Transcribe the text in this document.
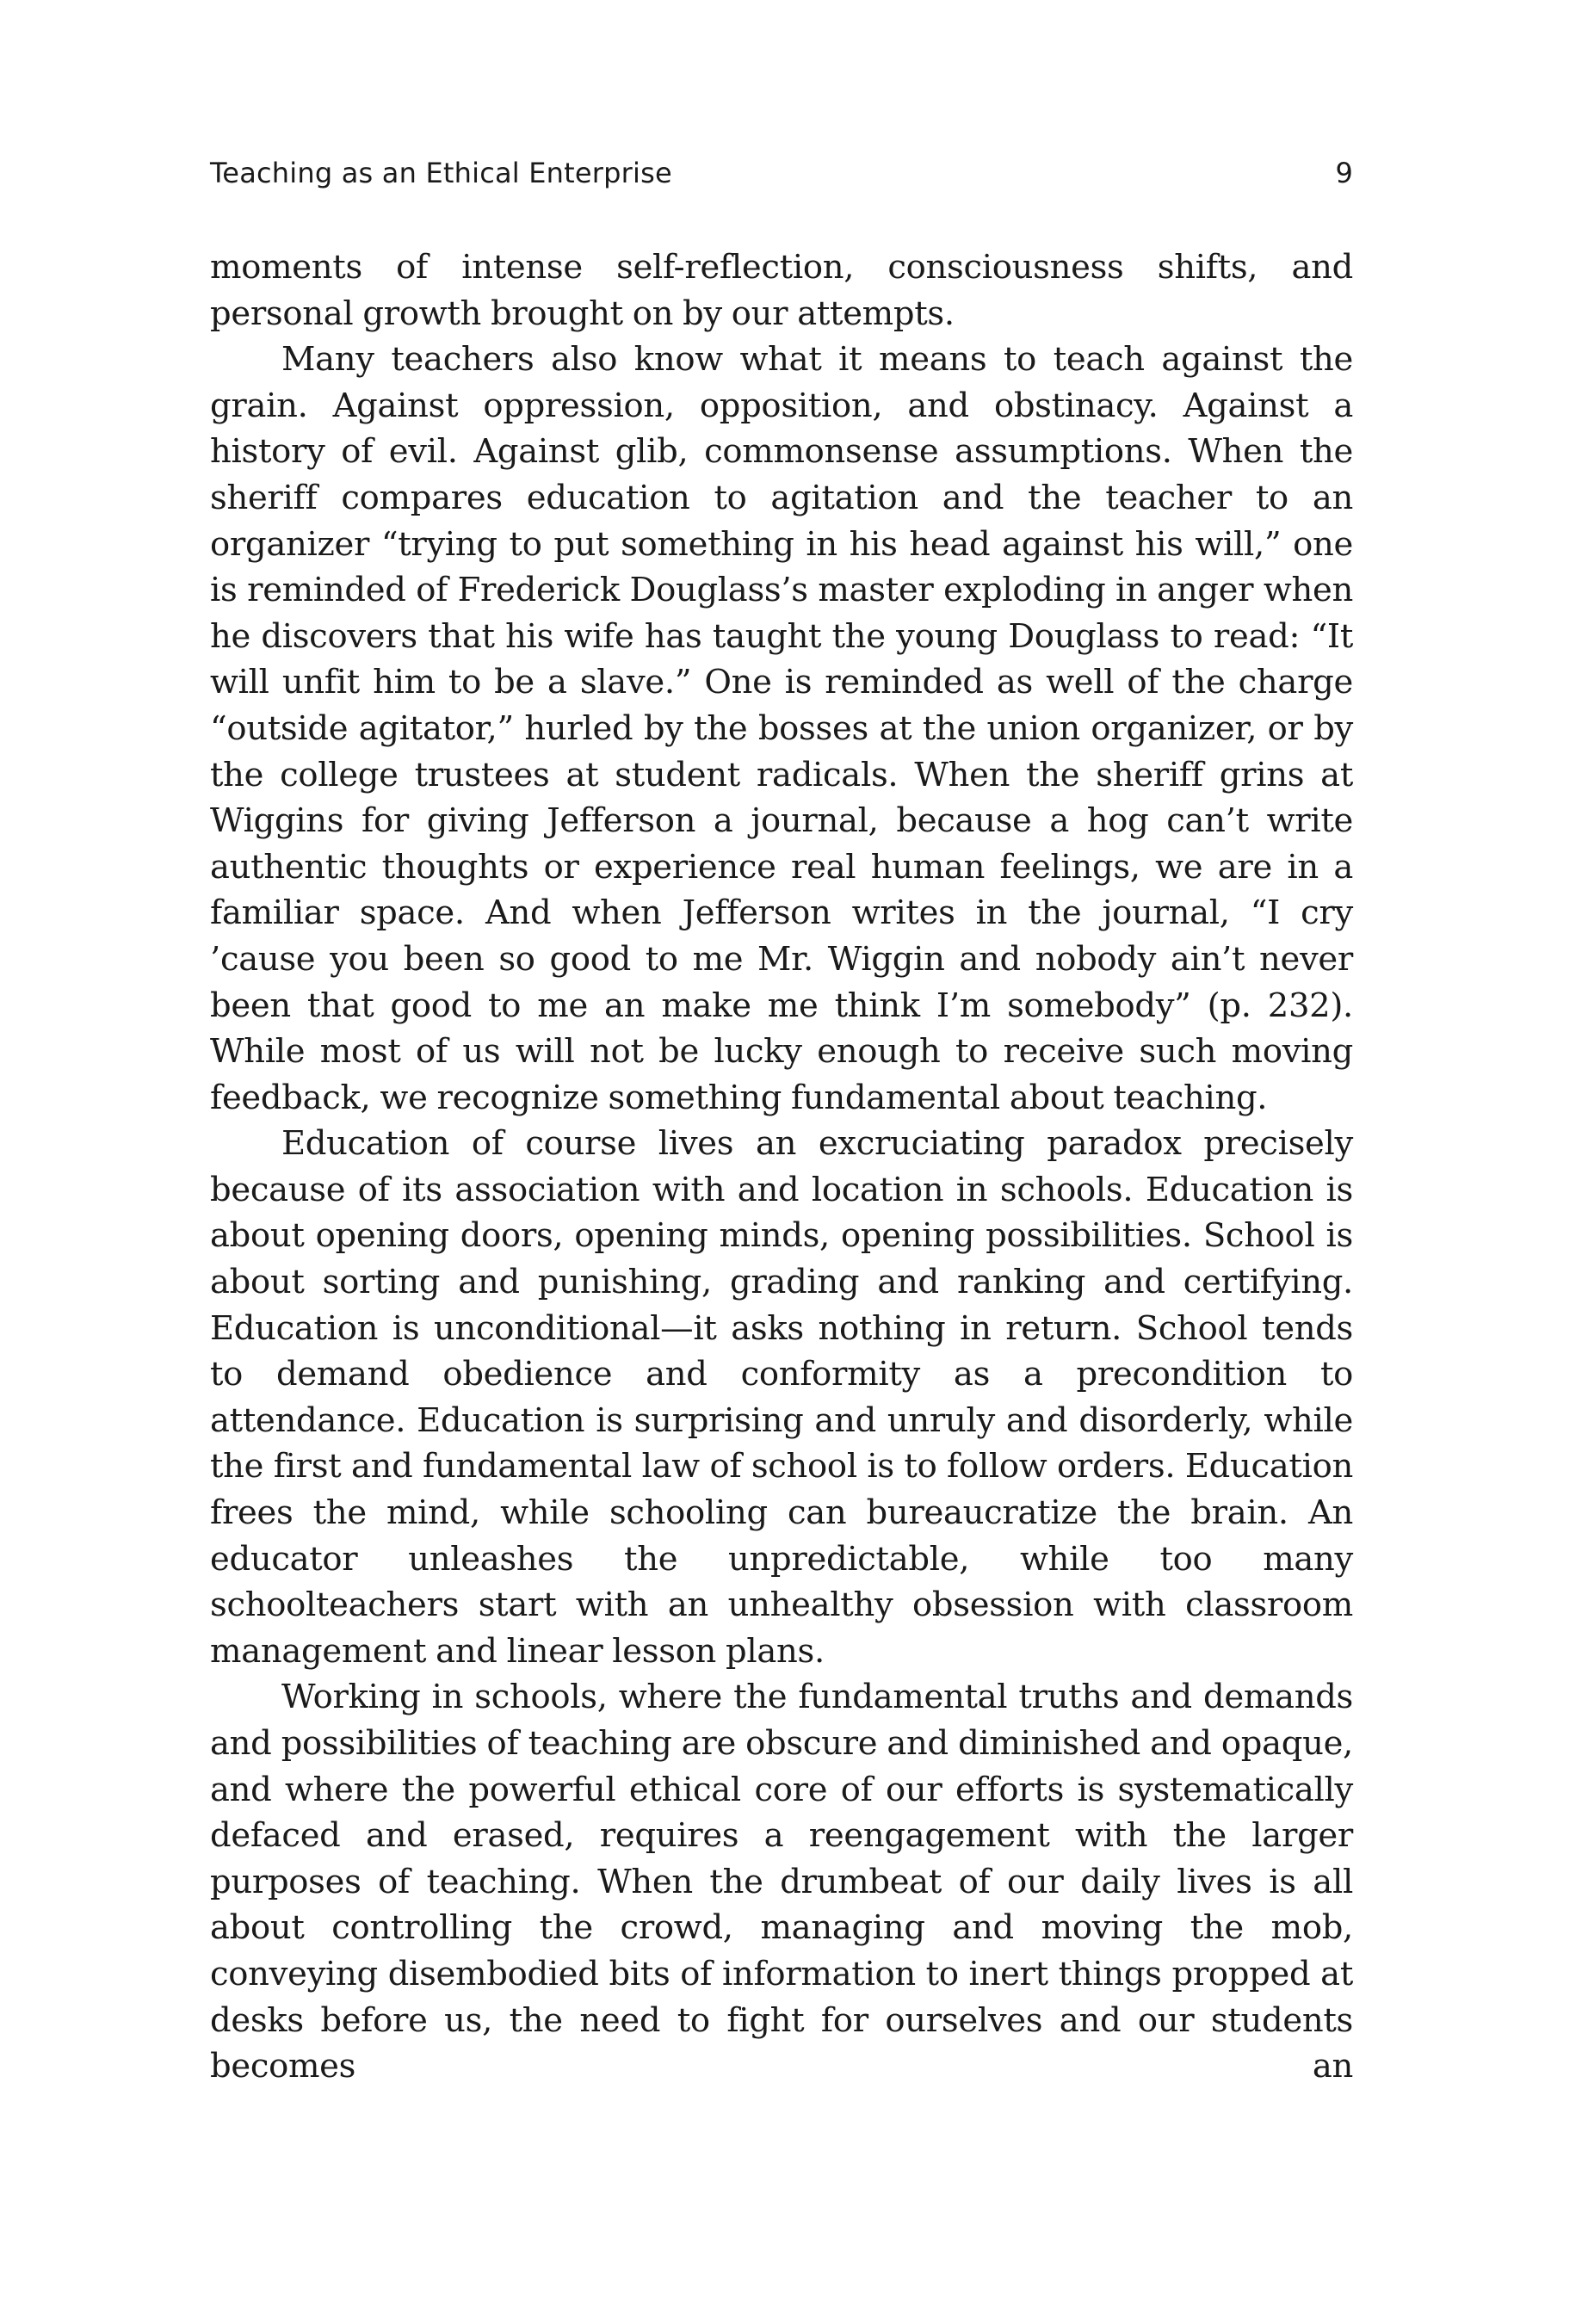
Teaching as an Ethical Enterprise	9

moments of intense self-reflection, consciousness shifts, and personal growth brought on by our attempts.

Many teachers also know what it means to teach against the grain. Against oppression, opposition, and obstinacy. Against a history of evil. Against glib, commonsense assumptions. When the sheriff compares education to agitation and the teacher to an organizer “trying to put something in his head against his will,” one is reminded of Frederick Douglass’s master exploding in anger when he discovers that his wife has taught the young Douglass to read: “It will unfit him to be a slave.” One is reminded as well of the charge “outside agitator,” hurled by the bosses at the union organizer, or by the college trustees at student radicals. When the sheriff grins at Wiggins for giving Jefferson a journal, because a hog can’t write authentic thoughts or experience real human feelings, we are in a familiar space. And when Jefferson writes in the journal, “I cry ’cause you been so good to me Mr. Wiggin and nobody ain’t never been that good to me an make me think I’m somebody” (p. 232). While most of us will not be lucky enough to receive such moving feedback, we recognize something fundamental about teaching.

Education of course lives an excruciating paradox precisely because of its association with and location in schools. Education is about opening doors, opening minds, opening possibilities. School is about sorting and punishing, grading and ranking and certifying. Education is unconditional—it asks nothing in return. School tends to demand obedience and conformity as a precondition to attendance. Education is surprising and unruly and disorderly, while the first and fundamental law of school is to follow orders. Education frees the mind, while schooling can bureaucratize the brain. An educator unleashes the unpredictable, while too many schoolteachers start with an unhealthy obsession with classroom management and linear lesson plans.

Working in schools, where the fundamental truths and demands and possibilities of teaching are obscure and diminished and opaque, and where the powerful ethical core of our efforts is systematically defaced and erased, requires a reengagement with the larger purposes of teaching. When the drumbeat of our daily lives is all about controlling the crowd, managing and moving the mob, conveying disembodied bits of information to inert things propped at desks before us, the need to fight for ourselves and our students becomes an
